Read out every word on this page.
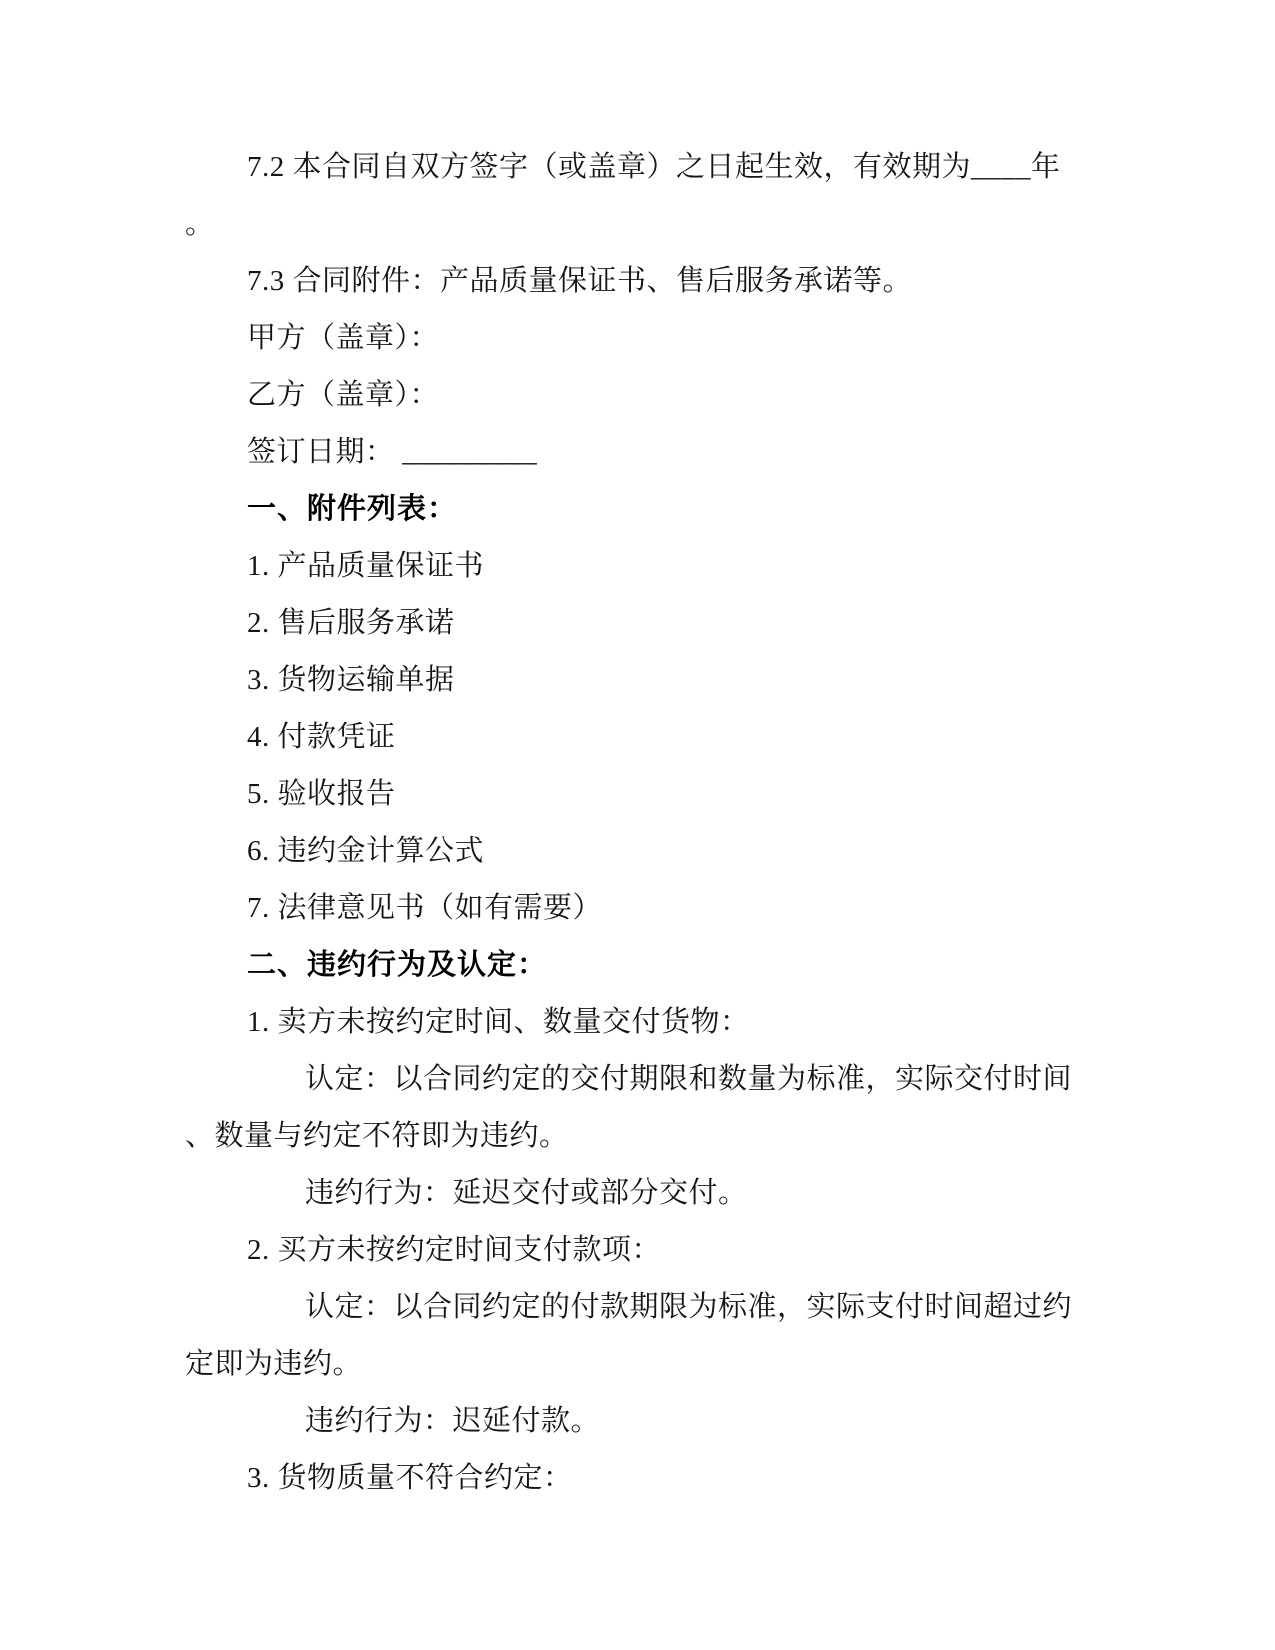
7.2 本合同自双方签字（或盖章）之日起生效，有效期为____年
。
7.3 合同附件：产品质量保证书、售后服务承诺等。
甲方（盖章）：
乙方（盖章）：
签订日期： _________
一、附件列表：
1. 产品质量保证书
2. 售后服务承诺
3. 货物运输单据
4. 付款凭证
5. 验收报告
6. 违约金计算公式
7. 法律意见书（如有需要）
二、违约行为及认定：
1. 卖方未按约定时间、数量交付货物：
认定：以合同约定的交付期限和数量为标准，实际交付时间
、数量与约定不符即为违约。
违约行为：延迟交付或部分交付。
2. 买方未按约定时间支付款项：
认定：以合同约定的付款期限为标准，实际支付时间超过约
定即为违约。
违约行为：迟延付款。
3. 货物质量不符合约定：
